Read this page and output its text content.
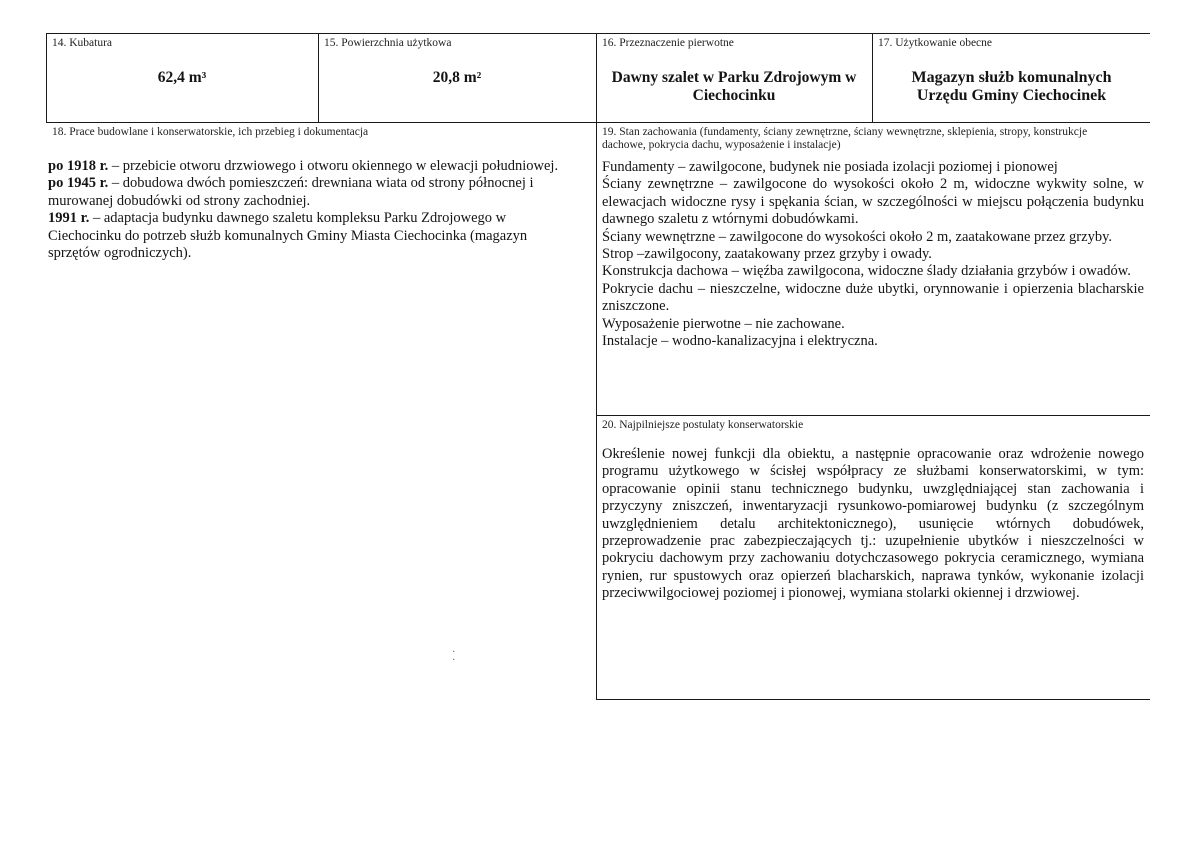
14. Kubatura
62,4 m³
15. Powierzchnia użytkowa
20,8 m²
16. Przeznaczenie pierwotne
Dawny szalet w Parku Zdrojowym w Ciechocinku
17. Użytkowanie obecne
Magazyn służb komunalnych Urzędu Gminy Ciechocinek
18. Prace budowlane i konserwatorskie, ich przebieg i dokumentacja

po 1918 r. – przebicie otworu drzwiowego i otworu okiennego w elewacji południowej.

po 1945 r. – dobudowa dwóch pomieszczeń: drewniana wiata od strony północnej i murowanej dobudówki od strony zachodniej.

1991 r. – adaptacja budynku dawnego szaletu kompleksu Parku Zdrojowego w Ciechocinku do potrzeb służb komunalnych Gminy Miasta Ciechocinka (magazyn sprzętów ogrodniczych).

19. Stan zachowania (fundamenty, ściany zewnętrzne, ściany wewnętrzne, sklepienia, stropy, konstrukcje dachowe, pokrycia dachu, wyposażenie i instalacje)

Fundamenty – zawilgocone, budynek nie posiada izolacji poziomej i pionowej

Ściany zewnętrzne – zawilgocone do wysokości około 2 m, widoczne wykwity solne, w elewacjach widoczne rysy i spękania ścian, w szczególności w miejscu połączenia budynku dawnego szaletu z wtórnymi dobudówkami.

Ściany wewnętrzne – zawilgocone do wysokości około 2 m, zaatakowane przez grzyby.

Strop –zawilgocony, zaatakowany przez grzyby i owady.

Konstrukcja dachowa – więźba zawilgocona, widoczne ślady działania grzybów i owadów.

Pokrycie dachu – nieszczelne, widoczne duże ubytki, orynnowanie i opierzenia blacharskie zniszczone.

Wyposażenie pierwotne – nie zachowane.

Instalacje – wodno-kanalizacyjna i elektryczna.

20. Najpilniejsze postulaty konserwatorskie

Określenie nowej funkcji dla obiektu, a następnie opracowanie oraz wdrożenie nowego programu użytkowego w ścisłej współpracy ze służbami konserwatorskimi, w tym: opracowanie opinii stanu technicznego budynku, uwzględniającej stan zachowania i przyczyny zniszczeń, inwentaryzacji rysunkowo-pomiarowej budynku (z szczególnym uwzględnieniem detalu architektonicznego), usunięcie wtórnych dobudówek, przeprowadzenie prac zabezpieczających tj.: uzupełnienie ubytków i nieszczelności w pokryciu dachowym przy zachowaniu dotychczasowego pokrycia ceramicznego, wymiana rynien, rur spustowych oraz opierzeń blacharskich, naprawa tynków, wykonanie izolacji przeciwwilgociowej poziomej i pionowej, wymiana stolarki okiennej i drzwiowej.

·
·
